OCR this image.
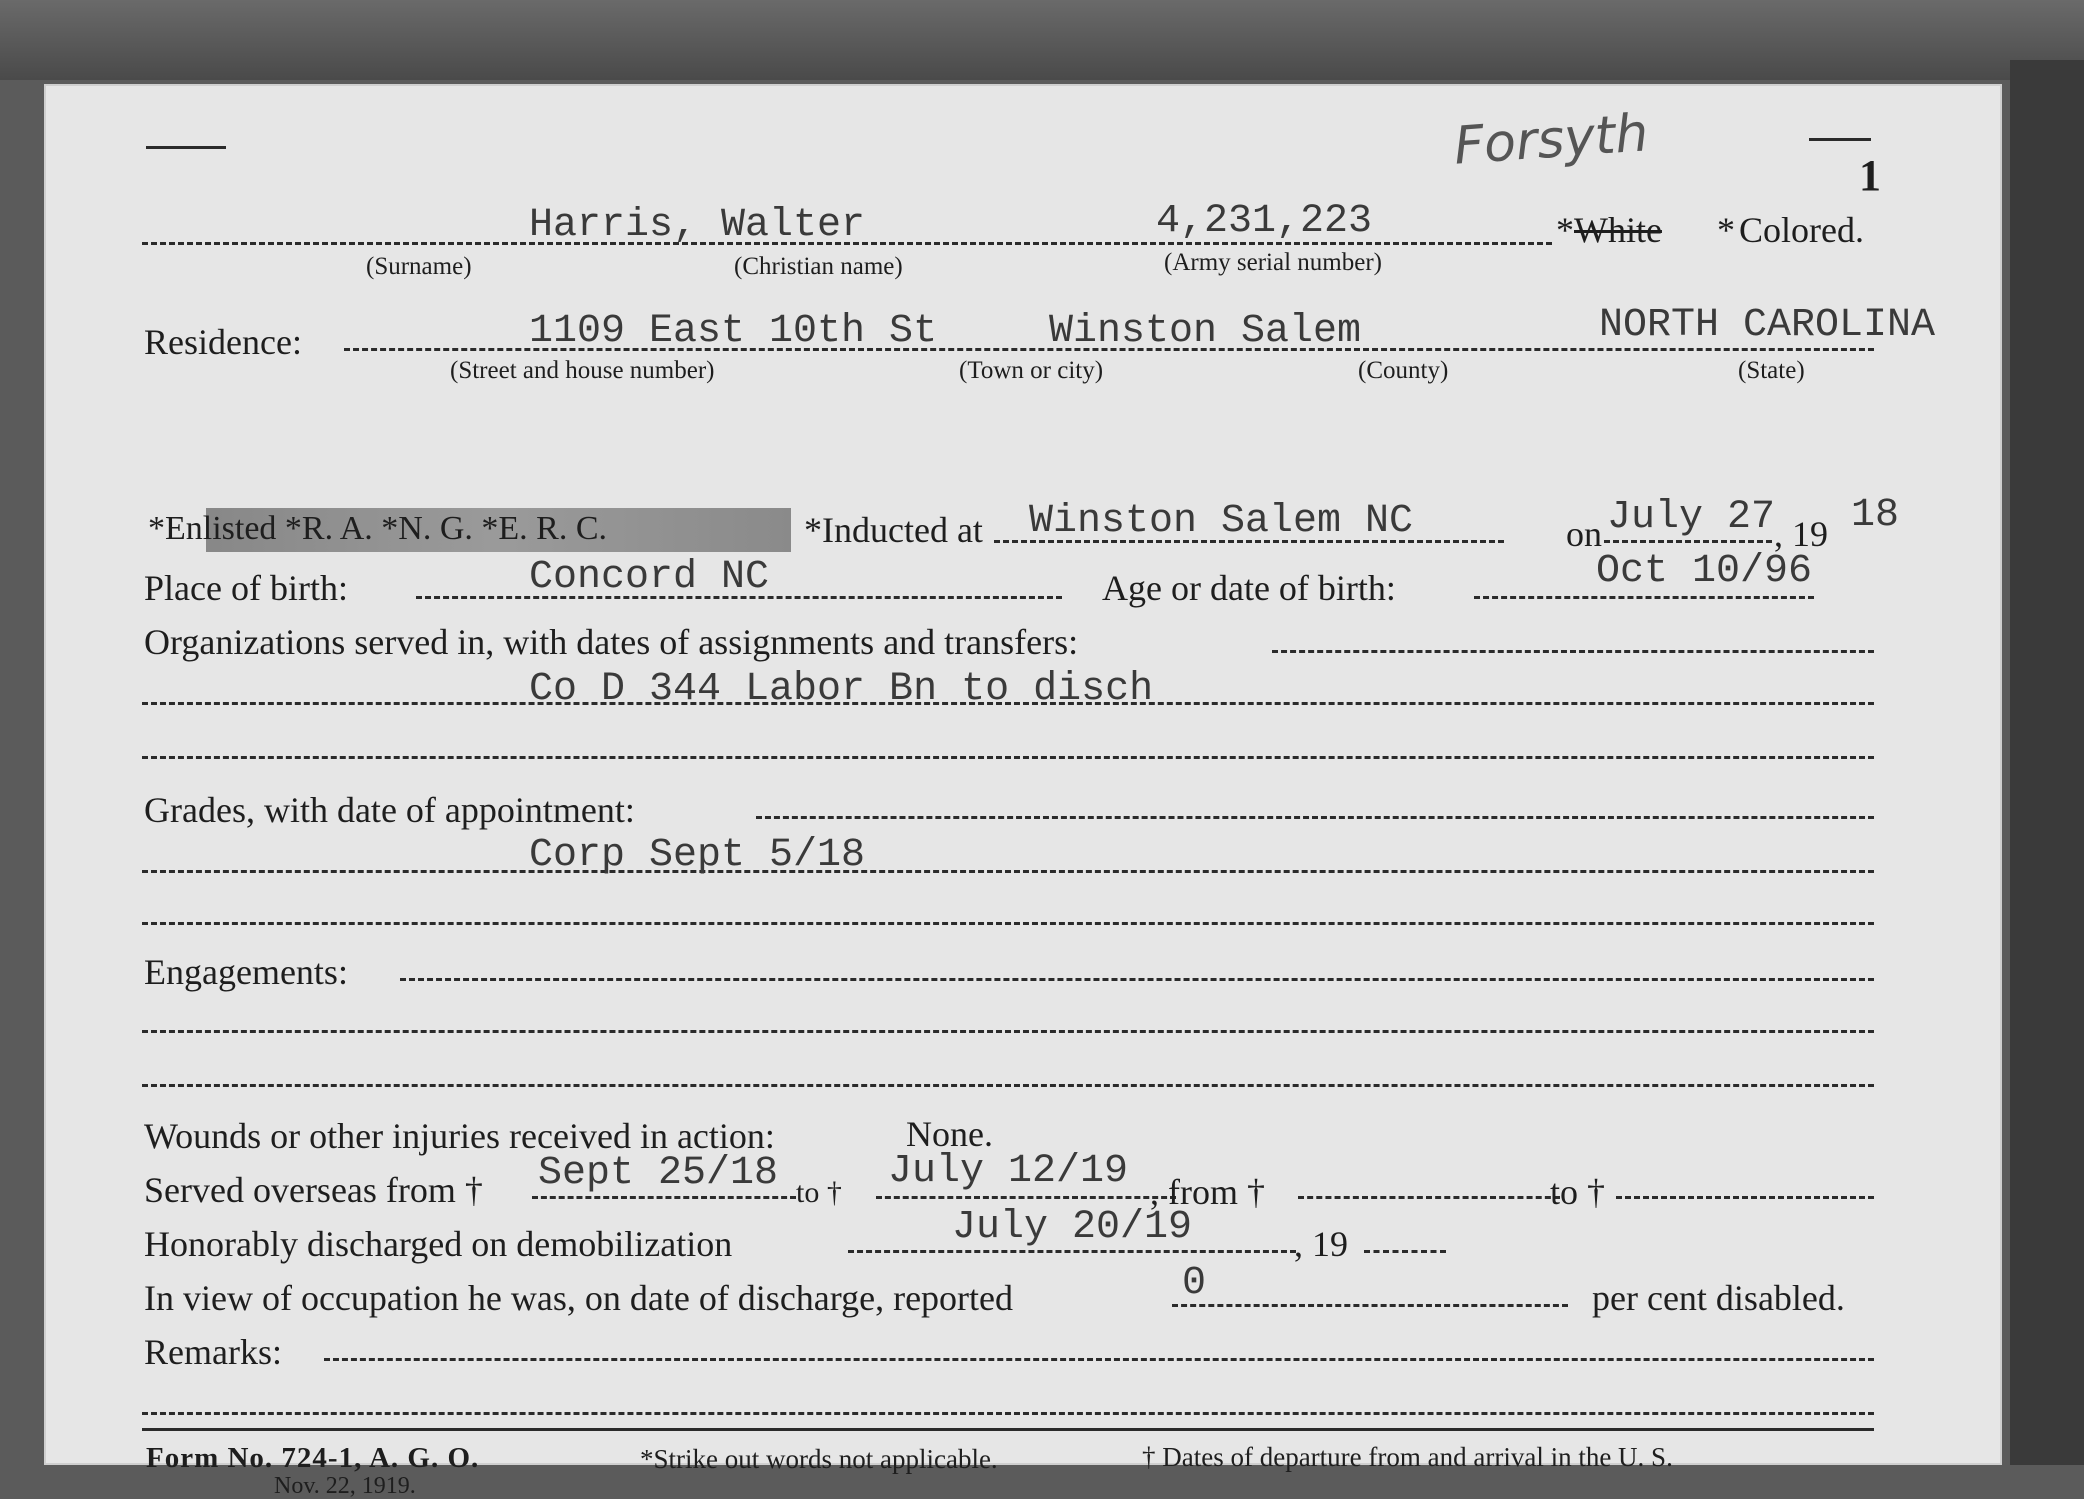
1
Forsyth
Harris, Walter	4,231,223	* White * Colored.
(Surname)	(Christian name)	(Army serial number)
Residence:	1109 East 10th St	Winston Salem	NORTH CAROLINA
(Street and house number)	(Town or city)	(County)	(State)
*Enlisted *R. A. *N. G. *E. R. C.	*Inducted at Winston Salem NC	on July 27
, 19 18
Place of birth:	Concord NC	Age or date of birth:	Oct 10/96
Organizations served in, with dates of assignments and transfers:
Co D 344 Labor Bn to disch
Grades, with date of appointment:
Corp Sept 5/18
Engagements:
Wounds or other injuries received in action:	None.
Served overseas from † Sept 25/18 to † July 12/19 , from †	to †
Honorably discharged on demobilization	July 20/19	, 19
In view of occupation he was, on date of discharge, reported	0	per cent disabled.
Remarks:
Form No. 724-1, A. G. O.
Nov. 22, 1919.
*Strike out words not applicable.	† Dates of departure from and arrival in the U. S.
